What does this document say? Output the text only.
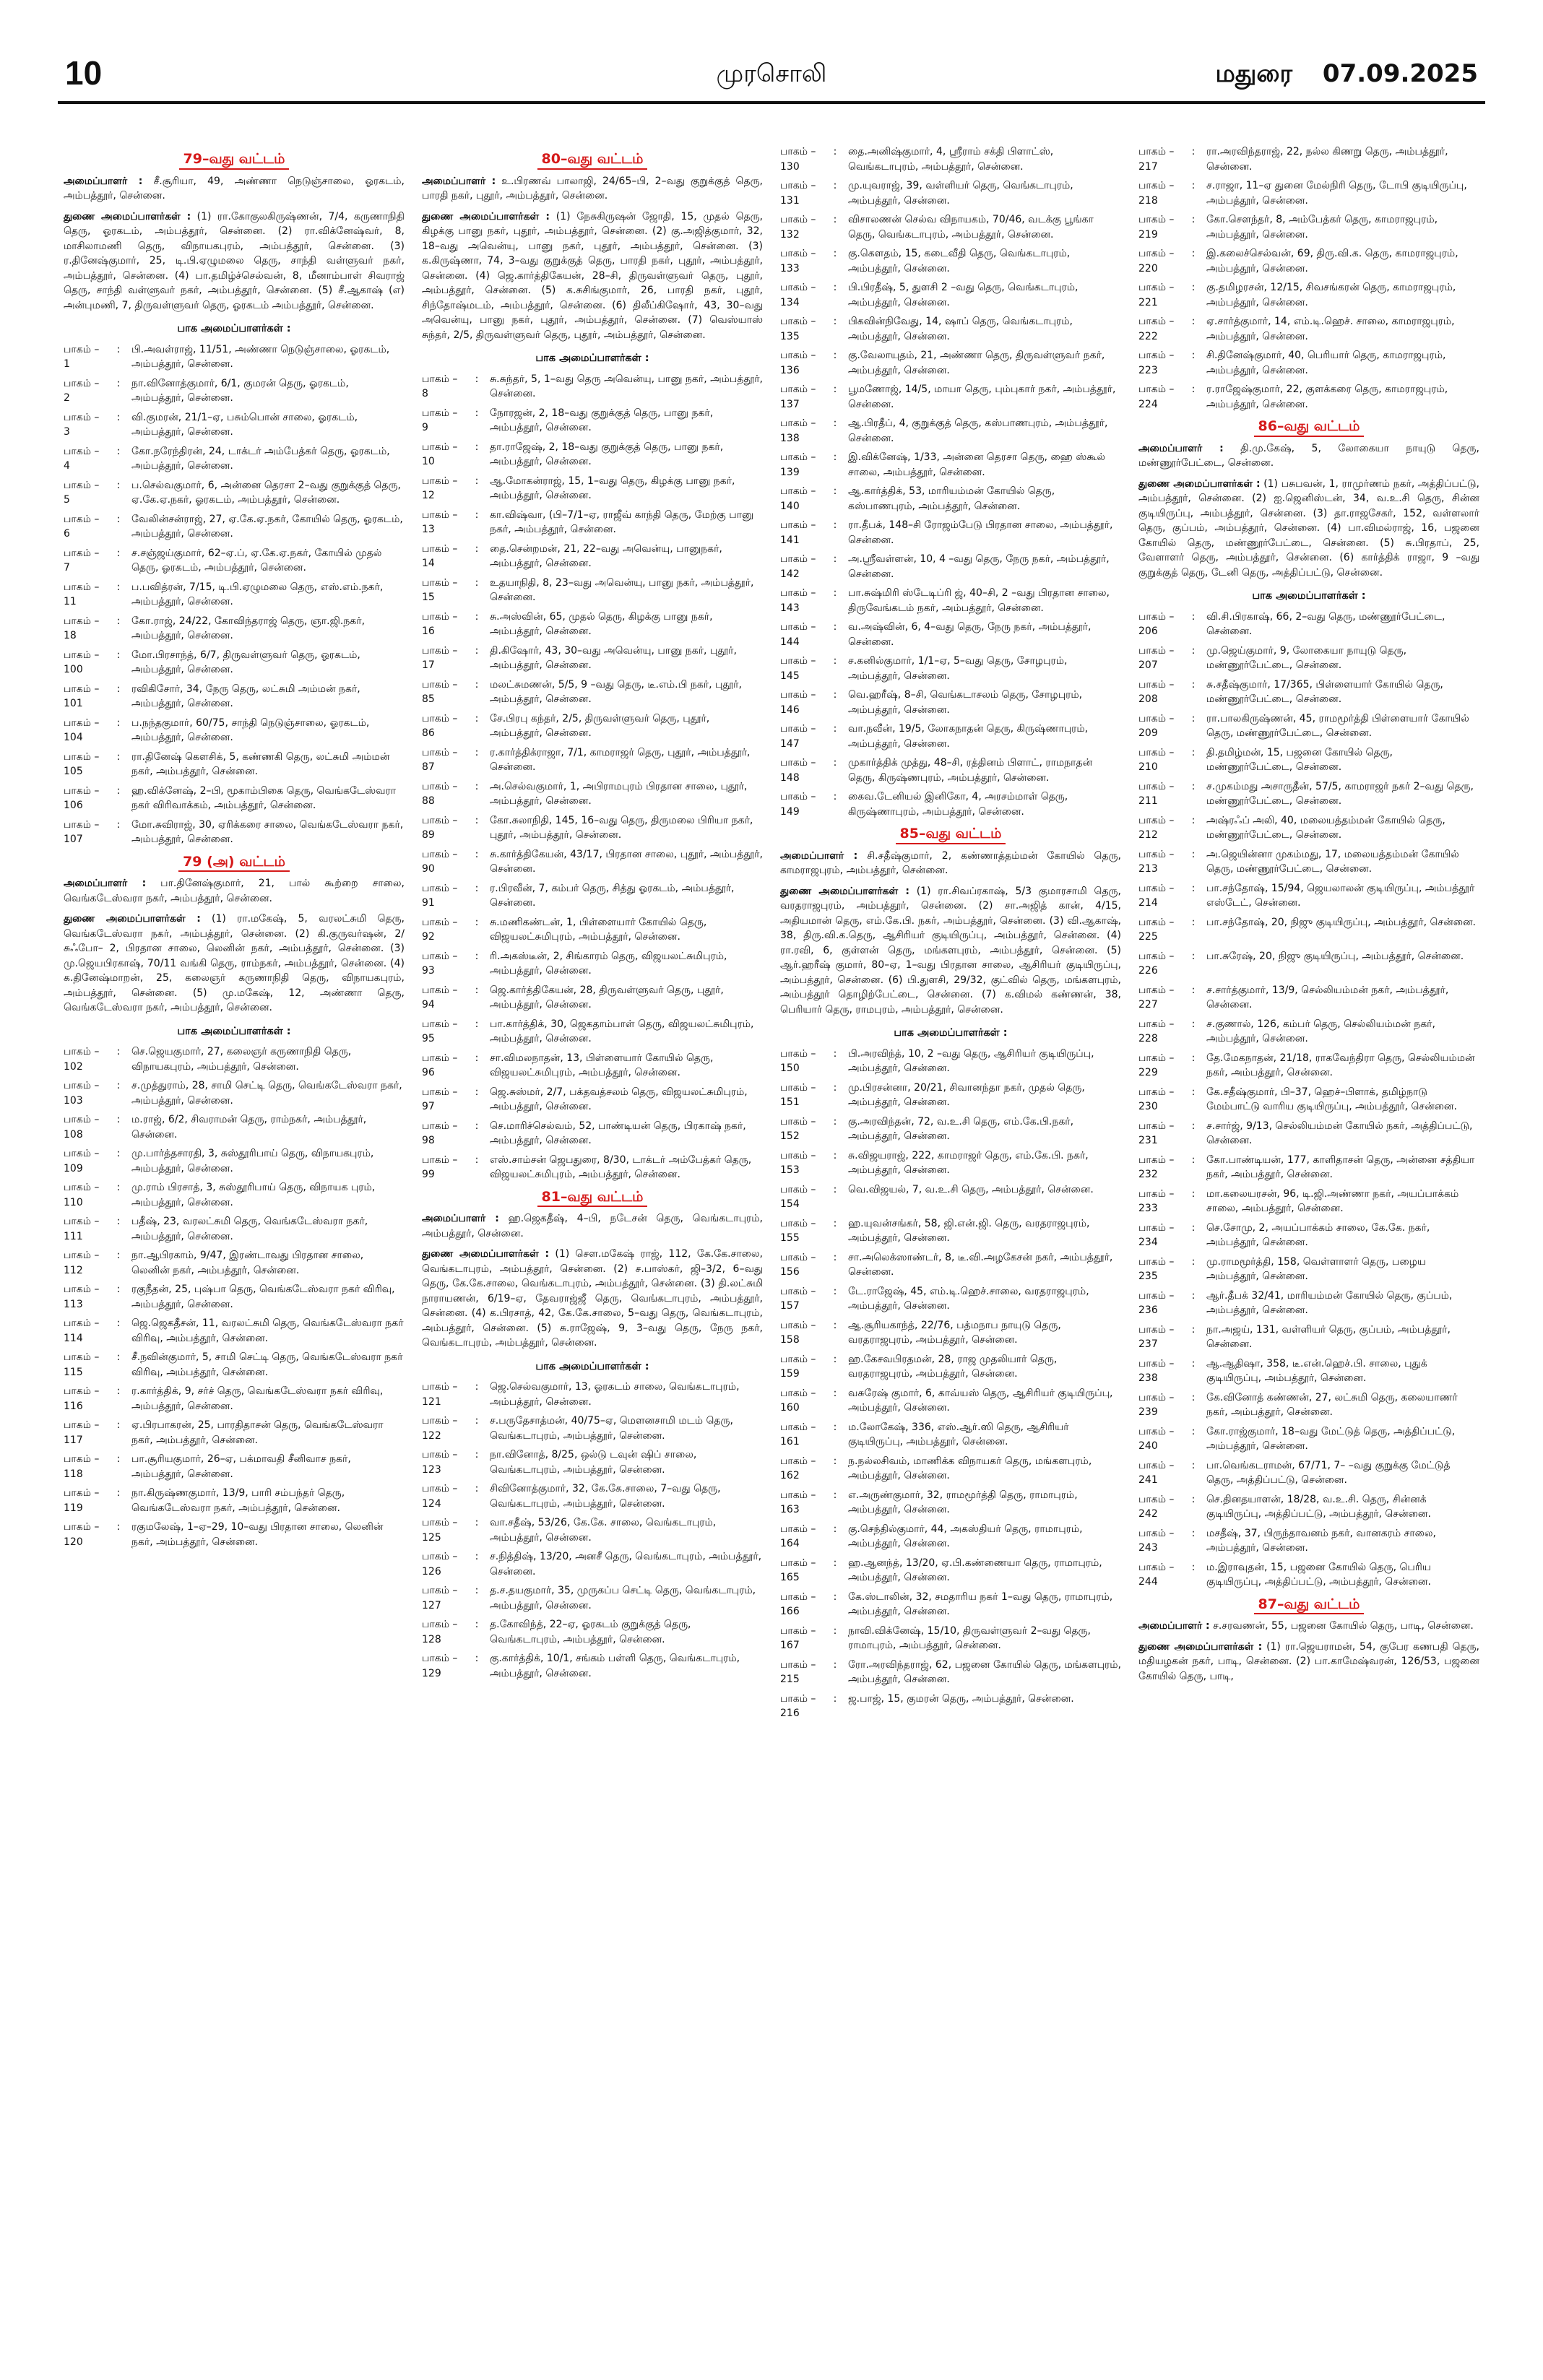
10	முரசொலி	மதுரை 07.09.2025
79–வது வட்டம்
அமைப்பாளர் : சீ.சூரியா, 49, அண்ணா நெடுஞ்சாலை, ஓரகடம், அம்பத்தூர், சென்னை.
துணை அமைப்பாளர்கள் : (1) ரா.கோகுலகிருஷ்ணன், 7/4, கருணாநிதி தெரு, ஓரகடம், அம்பத்தூர், சென்னை. (2) ரா.விக்னேஷ்வர், 8, மாசிலாமணி தெரு, விநாயகபுரம், அம்பத்தூர், சென்னை. (3) ர.தினேஷ்குமார், 25, டி.பி.ஏழுமலை தெரு, சாந்தி வள்ளுவர் நகர், அம்பத்தூர், சென்னை. (4) பா.தமிழ்ச்செல்வன், 8, மீனாம்பாள் சிவராஜ் தெரு, சாந்தி வள்ளுவர் நகர், அம்பத்தூர், சென்னை. (5) சீ.ஆகாஷ் (எ) அன்புமணி, 7, திருவள்ளுவர் தெரு, ஓரகடம் அம்பத்தூர், சென்னை.
பாக அமைப்பாளர்கள் :
பாகம் – 1
:	பி.அவள்ராஜ், 11/51, அண்ணா நெடுஞ்சாலை, ஓரகடம், அம்பத்தூர், சென்னை.
பாகம் – 2
:	நா.வினோத்குமார், 6/1, குமரன் தெரு, ஓரகடம், அம்பத்தூர், சென்னை.
பாகம் – 3
:	வி.குமரன், 21/1–ஏ, பசும்பொன் சாலை, ஓரகடம், அம்பத்தூர், சென்னை.
பாகம் – 4
:	கோ.நரேந்திரன், 24, டாக்டர் அம்பேத்கர் தெரு, ஓரகடம், அம்பத்தூர், சென்னை.
பாகம் – 5
:	ப.செல்வகுமார், 6, அன்னை தெரசா 2–வது குறுக்குத் தெரு, ஏ.கே.ஏ.நகர், ஓரகடம், அம்பத்தூர், சென்னை.
பாகம் – 6
:	வேலின்சன்ராஜ், 27, ஏ.கே.ஏ.நகர், கோயில் தெரு, ஓரகடம், அம்பத்தூர், சென்னை.
பாகம் – 7
:	ச.சஞ்ஜய்குமார், 62–ஏ.ப், ஏ.கே.ஏ.நகர், கோயில் முதல் தெரு, ஓரகடம், அம்பத்தூர், சென்னை.
பாகம் – 11
:	ப.பவித்ரன், 7/15, டி.பி.ஏழுமலை தெரு, எஸ்.எம்.நகர், அம்பத்தூர், சென்னை.
பாகம் – 18
:	கோ.ராஜ், 24/22, கோவிந்தராஜ் தெரு, ஞா.ஜி.நகர், அம்பத்தூர், சென்னை.
பாகம் – 100
:	மோ.பிரசாந்த், 6/7, திருவள்ளுவர் தெரு, ஓரகடம், அம்பத்தூர், சென்னை.
பாகம் – 101
:	ரவிகிசோர், 34, நேரு தெரு, லட்சுமி அம்மன் நகர், அம்பத்தூர், சென்னை.
பாகம் – 104
:	ப.நந்தகுமார், 60/75, சாந்தி நெடுஞ்சாலை, ஓரகடம், அம்பத்தூர், சென்னை.
பாகம் – 105
:	ரா.தினேஷ் கௌசிக், 5, கண்ணகி தெரு, லட்சுமி அம்மன் நகர், அம்பத்தூர், சென்னை.
பாகம் – 106
:	ஹ.விக்னேஷ், 2–பி, மூகாம்பிகை தெரு, வெங்கடேஸ்வரா நகர் விரிவாக்கம், அம்பத்தூர், சென்னை.
பாகம் – 107
:	மோ.சுவிராஜ், 30, ஏரிக்கரை சாலை, வெங்கடேஸ்வரா நகர், அம்பத்தூர், சென்னை.
79 (அ) வட்டம்
அமைப்பாளர் : பா.தினேஷ்குமார், 21, பால் கூற்றை சாலை, வெங்கடேஸ்வரா நகர், அம்பத்தூர், சென்னை.
துணை அமைப்பாளர்கள் : (1) ரா.மகேஷ், 5, வரலட்சுமி தெரு, வெங்கடேஸ்வரா நகர், அம்பத்தூர், சென்னை. (2) கி.குருவர்ஷன், 2/சுஃபோ– 2, பிரதான சாலை, லெனின் நகர், அம்பத்தூர், சென்னை. (3) மு.ஜெயபிரகாஷ், 70/11 வங்கி தெரு, ராம்நகர், அம்பத்தூர், சென்னை. (4) க.தினேஷ்மாறன், 25, கலைஞர் கருணாநிதி தெரு, விநாயகபுரம், அம்பத்தூர், சென்னை. (5) மு.மகேஷ், 12, அண்ணா தெரு, வெங்கடேஸ்வரா நகர், அம்பத்தூர், சென்னை.
பாக அமைப்பாளர்கள் :
பாகம் – 102
:	செ.ஜெயகுமார், 27, கலைஞர் கருணாநிதி தெரு, விநாயகபுரம், அம்பத்தூர், சென்னை.
பாகம் – 103
:	ச.முத்துராம், 28, சாமி செட்டி தெரு, வெங்கடேஸ்வரா நகர், அம்பத்தூர், சென்னை.
பாகம் – 108
:	ம.ராஜ், 6/2, சிவராமன் தெரு, ராம்நகர், அம்பத்தூர், சென்னை.
பாகம் – 109
:	மு.பார்த்தசாரதி, 3, சுஸ்தூரிபாய் தெரு, விநாயகபுரம், அம்பத்தூர், சென்னை.
பாகம் – 110
:	மு.ராம் பிரசாத், 3, சுஸ்தூரிபாய் தெரு, விநாயக புரம், அம்பத்தூர், சென்னை.
பாகம் – 111
:	பதீஷ், 23, வரலட்சுமி தெரு, வெங்கடேஸ்வரா நகர், அம்பத்தூர், சென்னை.
பாகம் – 112
:	நா.ஆபிரகாம், 9/47, இரண்டாவது பிரதான சாலை, லெனின் நகர், அம்பத்தூர், சென்னை.
பாகம் – 113
:	ரகுநீதன், 25, புஷ்பா தெரு, வெங்கடேஸ்வரா நகர் விரிவு, அம்பத்தூர், சென்னை.
பாகம் – 114
:	ஜெ.ஜெகதீசன், 11, வரலட்சுமி தெரு, வெங்கடேஸ்வரா நகர் விரிவு, அம்பத்தூர், சென்னை.
பாகம் – 115
:	சீ.நவின்குமார், 5, சாமி செட்டி தெரு, வெங்கடேஸ்வரா நகர் விரிவு, அம்பத்தூர், சென்னை.
பாகம் – 116
:	ர.கார்த்திக், 9, சர்ச் தெரு, வெங்கடேஸ்வரா நகர் விரிவு, அம்பத்தூர், சென்னை.
பாகம் – 117
:	ஏ.பிரபாகரன், 25, பாரதிதாசன் தெரு, வெங்கடேஸ்வரா நகர், அம்பத்தூர், சென்னை.
பாகம் – 118
:	பா.சூரியகுமார், 26–ஏ, பக்மாவதி சீனிவாச நகர், அம்பத்தூர், சென்னை.
பாகம் – 119
:	நா.கிருஷ்ணகுமார், 13/9, பாரி சம்பந்தர் தெரு, வெங்கடேஸ்வரா நகர், அம்பத்தூர், சென்னை.
பாகம் – 120
:	ரகுமலேஷ், 1–ஏ–29, 10–வது பிரதான சாலை, லெனின் நகர், அம்பத்தூர், சென்னை.
80–வது வட்டம்
அமைப்பாளர் : உ.பிரணவ் பாலாஜி, 24/65–பி, 2–வது குறுக்குத் தெரு, பாரதி நகர், புதூர், அம்பத்தூர், சென்னை.
துணை அமைப்பாளர்கள் : (1) நேசுகிருஷன் ஜோதி, 15, முதல் தெரு, கிழக்கு பானு நகர், புதூர், அம்பத்தூர், சென்னை. (2) கு.அஜித்குமார், 32, 18–வது அவென்யு, பானு நகர், புதூர், அம்பத்தூர், சென்னை. (3) க.கிருஷ்ணா, 74, 3–வது குறுக்குத் தெரு, பாரதி நகர், புதூர், அம்பத்தூர், சென்னை. (4) ஜெ.கார்த்திகேயன், 28–சி, திருவள்ளுவர் தெரு, புதூர், அம்பத்தூர், சென்னை. (5) க.சுசிங்குமார், 26, பாரதி நகர், புதூர், சிந்தோஷ்மடம், அம்பத்தூர், சென்னை. (6) திலீப்கிஷோர், 43, 30–வது அவென்யு, பானு நகர், புதூர், அம்பத்தூர், சென்னை. (7) வெஸ்யாஸ் சுந்தர், 2/5, திருவள்ளுவர் தெரு, புதூர், அம்பத்தூர், சென்னை.
பாக அமைப்பாளர்கள் :
பாகம் – 8
:	சு.சுந்தர், 5, 1–வது தெரு அவென்யு, பானு நகர், அம்பத்தூர், சென்னை.
பாகம் – 9
:	நோரஜன், 2, 18–வது குறுக்குத் தெரு, பானு நகர், அம்பத்தூர், சென்னை.
பாகம் – 10
:	தா.ராஜேஷ், 2, 18–வது குறுக்குத் தெரு, பானு நகர், அம்பத்தூர், சென்னை.
பாகம் – 12
:	ஆ.மோகன்ராஜ், 15, 1–வது தெரு, கிழக்கு பானு நகர், அம்பத்தூர், சென்னை.
பாகம் – 13
:	கா.விஷ்வா, (பி–7/1–ஏ, ராஜீவ் காந்தி தெரு, மேற்கு பானு நகர், அம்பத்தூர், சென்னை.
பாகம் – 14
:	தை.சென்றமன், 21, 22–வது அவென்யு, பானுநகர், அம்பத்தூர், சென்னை.
பாகம் – 15
:	உதயாநிதி, 8, 23–வது அவென்யு, பானு நகர், அம்பத்தூர், சென்னை.
பாகம் – 16
:	சு.அஸ்வின், 65, முதல் தெரு, கிழக்கு பானு நகர், அம்பத்தூர், சென்னை.
பாகம் – 17
:	தி.கிஷோர், 43, 30–வது அவென்யு, பானு நகர், புதூர், அம்பத்தூர், சென்னை.
பாகம் – 85
:	மலட்சுமணன், 5/5, 9 –வது தெரு, டீ.எம்.பி நகர், புதூர், அம்பத்தூர், சென்னை.
பாகம் – 86
:	சே.பிரபு கந்தர், 2/5, திருவள்ளுவர் தெரு, புதூர், அம்பத்தூர், சென்னை.
பாகம் – 87
:	ர.கார்த்திக்ராஜா, 7/1, காமராஜர் தெரு, புதூர், அம்பத்தூர், சென்னை.
பாகம் – 88
:	அ.செல்வகுமார், 1, அபிராமபுரம் பிரதான சாலை, புதூர், அம்பத்தூர், சென்னை.
பாகம் – 89
:	கோ.சுலாநிதி, 145, 16–வது தெரு, திருமலை பிரியா நகர், புதூர், அம்பத்தூர், சென்னை.
பாகம் – 90
:	சு.கார்த்திகேயன், 43/17, பிரதான சாலை, புதூர், அம்பத்தூர், சென்னை.
பாகம் – 91
:	ர.பிரவீன், 7, கம்பர் தெரு, சித்து ஓரகடம், அம்பத்தூர், சென்னை.
பாகம் – 92
:	சு.மணிகண்டன், 1, பிள்ளையார் கோயில் தெரு, விஜயலட்சுமிபுரம், அம்பத்தூர், சென்னை.
பாகம் – 93
:	ரி.அகஸ்டீன், 2, சிங்காரம் தெரு, விஜயலட்சுமிபுரம், அம்பத்தூர், சென்னை.
பாகம் – 94
:	ஜெ.கார்த்திகேயன், 28, திருவள்ளுவர் தெரு, புதூர், அம்பத்தூர், சென்னை.
பாகம் – 95
:	பா.கார்த்திக், 30, ஜெகதாம்பாள் தெரு, விஜயலட்சுமிபுரம், அம்பத்தூர், சென்னை.
பாகம் – 96
:	சா.விமலநாதன், 13, பிள்ளையார் கோயில் தெரு, விஜயலட்சுமிபுரம், அம்பத்தூர், சென்னை.
பாகம் – 97
:	ஜெ.சுஸ்மர், 2/7, பக்தவத்சலம் தெரு, விஜயலட்சுமிபுரம், அம்பத்தூர், சென்னை.
பாகம் – 98
:	செ.மாரிச்செல்வம், 52, பாண்டியன் தெரு, பிரகாஷ் நகர், அம்பத்தூர், சென்னை.
பாகம் – 99
:	எஸ்.சாம்சன் ஜெபதுரை, 8/30, டாக்டர் அம்பேத்கர் தெரு, விஜயலட்சுமிபுரம், அம்பத்தூர், சென்னை.
81–வது வட்டம்
அமைப்பாளர் : ஹ.ஜெகதீஷ், 4–பி, நடேசன் தெரு, வெங்கடாபுரம், அம்பத்தூர், சென்னை.
துணை அமைப்பாளர்கள் : (1) சௌ.மகேஷ் ராஜ், 112, கே.கே.சாலை, வெங்கடாபுரம், அம்பத்தூர், சென்னை. (2) ச.பாஸ்கர், ஜி–3/2, 6–வது தெரு, கே.கே.சாலை, வெங்கடாபுரம், அம்பத்தூர், சென்னை. (3) தி.லட்சுமி நாராயணன், 6/19–ஏ, தேவராஜ்ஜீ தெரு, வெங்கடாபுரம், அம்பத்தூர், சென்னை. (4) க.பிரசாத், 42, கே.கே.சாலை, 5–வது தெரு, வெங்கடாபுரம், அம்பத்தூர், சென்னை. (5) சு.ராஜேஷ், 9, 3–வது தெரு, நேரு நகர், வெங்கடாபுரம், அம்பத்தூர், சென்னை.
பாக அமைப்பாளர்கள் :
பாகம் – 121
:	ஜெ.செல்வகுமார், 13, ஓரகடம் சாலை, வெங்கடாபுரம், அம்பத்தூர், சென்னை.
பாகம் – 122
:	ச.பருதேசாத்மன், 40/75–ஏ, மௌனசாமி மடம் தெரு, வெங்கடாபுரம், அம்பத்தூர், சென்னை.
பாகம் – 123
:	நா.வினோத், 8/25, ஒல்டு டவுன் ஷிப் சாலை, வெங்கடாபுரம், அம்பத்தூர், சென்னை.
பாகம் – 124
:	சிவினோத்குமார், 32, கே.கே.சாலை, 7–வது தெரு, வெங்கடாபுரம், அம்பத்தூர், சென்னை.
பாகம் – 125
:	வா.சதீஷ், 53/26, கே.கே. சாலை, வெங்கடாபுரம், அம்பத்தூர், சென்னை.
பாகம் – 126
:	ச.நித்திஷ், 13/20, அனசீ தெரு, வெங்கடாபுரம், அம்பத்தூர், சென்னை.
பாகம் – 127
:	த.ச.தயகுமார், 35, முருகப்ப செட்டி தெரு, வெங்கடாபுரம், அம்பத்தூர், சென்னை.
பாகம் – 128
:	த.கோவிந்த், 22–ஏ, ஓரகடம் குறுக்குத் தெரு, வெங்கடாபுரம், அம்பத்தூர், சென்னை.
பாகம் – 129
:	கு.கார்த்திக், 10/1, சங்கம் பள்ளி தெரு, வெங்கடாபுரம், அம்பத்தூர், சென்னை.
பாகம் – 130
:	தை.அனிஷ்குமார், 4, ஸ்ரீராம் சக்தி பிளாட்ஸ், வெங்கடாபுரம், அம்பத்தூர், சென்னை.
பாகம் – 131
:	மு.யுவராஜ், 39, வள்ளியர் தெரு, வெங்கடாபுரம், அம்பத்தூர், சென்னை.
பாகம் – 132
:	விசாலணன் செல்வ விநாயகம், 70/46, வடக்கு பூங்கா தெரு, வெங்கடாபுரம், அம்பத்தூர், சென்னை.
பாகம் – 133
:	கு.கௌதம், 15, கடைவீதி தெரு, வெங்கடாபுரம், அம்பத்தூர், சென்னை.
பாகம் – 134
:	பி.பிரதீஷ், 5, துளசி 2 –வது தெரு, வெங்கடாபுரம், அம்பத்தூர், சென்னை.
பாகம் – 135
:	பிகவின்நிவேது, 14, ஷாப் தெரு, வெங்கடாபுரம், அம்பத்தூர், சென்னை.
பாகம் – 136
:	கு.வேலாயுதம், 21, அண்ணா தெரு, திருவள்ளுவர் நகர், அம்பத்தூர், சென்னை.
பாகம் – 137
:	பூமணோஜ், 14/5, மாயா தெரு, பும்புகார் நகர், அம்பத்தூர், சென்னை.
பாகம் – 138
:	ஆ.பிரதீப், 4, குறுக்குத் தெரு, கஸ்பாணபுரம், அம்பத்தூர், சென்னை.
பாகம் – 139
:	இ.விக்னேஷ், 1/33, அன்னை தெரசா தெரு, ஹை ஸ்கூல் சாலை, அம்பத்தூர், சென்னை.
பாகம் – 140
:	ஆ.கார்த்திக், 53, மாரியம்மன் கோயில் தெரு, கஸ்பாணபுரம், அம்பத்தூர், சென்னை.
பாகம் – 141
:	ரா.தீபக், 148–சி ரோஜம்பேடு பிரதான சாலை, அம்பத்தூர், சென்னை.
பாகம் – 142
:	அ.ஸ்ரீவள்ளன், 10, 4 –வது தெரு, நேரு நகர், அம்பத்தூர், சென்னை.
பாகம் – 143
:	பா.சுஷ்மிரி ஸ்டேடிப்ரி ஜ், 40–சி, 2 –வது பிரதான சாலை, திருவேங்கடம் நகர், அம்பத்தூர், சென்னை.
பாகம் – 144
:	வ.அஷ்வின், 6, 4–வது தெரு, நேரு நகர், அம்பத்தூர், சென்னை.
பாகம் – 145
:	ச.கனில்குமார், 1/1–ஏ, 5–வது தெரு, சோழபுரம், அம்பத்தூர், சென்னை.
பாகம் – 146
:	வெ.ஹரீஷ், 8–சி, வெங்கடாசலம் தெரு, சோழபுரம், அம்பத்தூர், சென்னை.
பாகம் – 147
:	வா.நவீன், 19/5, லோகநாதன் தெரு, கிருஷ்ணாபுரம், அம்பத்தூர், சென்னை.
பாகம் – 148
:	முகார்த்திக் முத்து, 48–சி, ரத்தினம் பிளாட், ராமநாதன் தெரு, கிருஷ்ணபுரம், அம்பத்தூர், சென்னை.
பாகம் – 149
:	கைவ.டேனியல் இனிகோ, 4, அரசம்மாள் தெரு, கிருஷ்ணாபுரம், அம்பத்தூர், சென்னை.
85–வது வட்டம்
அமைப்பாளர் : சி.சதீஷ்குமார், 2, கண்ணாத்தம்மன் கோயில் தெரு, காமராஜபுரம், அம்பத்தூர், சென்னை.
துணை அமைப்பாளர்கள் : (1) ரா.சிவப்ரகாஷ், 5/3 குமாரசாமி தெரு, வரதராஜபுரம், அம்பத்தூர், சென்னை. (2) சா.அஜித் கான், 4/15, அதியமான் தெரு, எம்.கே.பி. நகர், அம்பத்தூர், சென்னை. (3) வி.ஆகாஷ், 38, திரு.வி.க.தெரு, ஆசிரியர் குடியிருப்பு, அம்பத்தூர், சென்னை. (4) ரா.ரவி, 6, குள்ளன் தெரு, மங்களபுரம், அம்பத்தூர், சென்னை. (5) ஆர்.ஹரீஷ் குமார், 80–ஏ, 1–வது பிரதான சாலை, ஆசிரியர் குடியிருப்பு, அம்பத்தூர், சென்னை. (6) பி.துளசி, 29/32, குட்வில் தெரு, மங்களபுரம், அம்பத்தூர் தொழிற்பேட்டை, சென்னை. (7) க.விமல் கண்ணன், 38, பெரியார் தெரு, ராமபுரம், அம்பத்தூர், சென்னை.
பாக அமைப்பாளர்கள் :
பாகம் – 150
:	பி.அரவிந்த், 10, 2 –வது தெரு, ஆசிரியர் குடியிருப்பு, அம்பத்தூர், சென்னை.
பாகம் – 151
:	மு.பிரசன்னா, 20/21, சிவானந்தா நகர், முதல் தெரு, அம்பத்தூர், சென்னை.
பாகம் – 152
:	கு.அரவிந்தன், 72, வ.உ.சி தெரு, எம்.கே.பி.நகர், அம்பத்தூர், சென்னை.
பாகம் – 153
:	சு.விஜயராஜ், 222, காமராஜர் தெரு, எம்.கே.பி. நகர், அம்பத்தூர், சென்னை.
பாகம் – 154
:	வெ.விஜயல், 7, வ.உ.சி தெரு, அம்பத்தூர், சென்னை.
பாகம் – 155
:	ஹ.யுவன்சங்கர், 58, ஜி.என்.ஜி. தெரு, வரதராஜபுரம், அம்பத்தூர், சென்னை.
பாகம் – 156
:	சா.அலெக்ஸாண்டர், 8, டீ.வி.அழகேசன் நகர், அம்பத்தூர், சென்னை.
பாகம் – 157
:	டே.ராஜேஷ், 45, எம்.டி.ஹெச்.சாலை, வரதராஜபுரம், அம்பத்தூர், சென்னை.
பாகம் – 158
:	ஆ.சூரியகாந்த், 22/76, பத்மநாப நாயுடு தெரு, வரதராஜபுரம், அம்பத்தூர், சென்னை.
பாகம் – 159
:	ஹ.கேசவபிரதமன், 28, ராஜ முதலியார் தெரு, வரதராஜபுரம், அம்பத்தூர், சென்னை.
பாகம் – 160
:	வசுரேஷ் குமார், 6, காவ்யஸ் தெரு, ஆசிரியர் குடியிருப்பு, அம்பத்தூர், சென்னை.
பாகம் – 161
:	ம.லோகேஷ், 336, எஸ்.ஆர்.ஸி தெரு, ஆசிரியர் குடியிருப்பு, அம்பத்தூர், சென்னை.
பாகம் – 162
:	ந.நல்லசிவம், மாணிக்க விநாயகர் தெரு, மங்களபுரம், அம்பத்தூர், சென்னை.
பாகம் – 163
:	எ.அருண்குமார், 32, ராமமூர்த்தி தெரு, ராமாபுரம், அம்பத்தூர், சென்னை.
பாகம் – 164
:	கு.செந்தில்குமார், 44, அகஸ்தியர் தெரு, ராமாபுரம், அம்பத்தூர், சென்னை.
பாகம் – 165
:	ஹ.ஆனந்த், 13/20, ஏ.பி.கண்ணையா தெரு, ராமாபுரம், அம்பத்தூர், சென்னை.
பாகம் – 166
:	கே.ஸ்டாலின், 32, சமதாரிய நகர் 1–வது தெரு, ராமாபுரம், அம்பத்தூர், சென்னை.
பாகம் – 167
:	நாவி.விக்னேஷ், 15/10, திருவள்ளுவர் 2–வது தெரு, ராமாபுரம், அம்பத்தூர், சென்னை.
பாகம் – 215
:	ரோ.அரவிந்தராஜ், 62, பஜனை கோயில் தெரு, மங்களபுரம், அம்பத்தூர், சென்னை.
பாகம் – 216
:	ஜ.பாஜ், 15, குமரன் தெரு, அம்பத்தூர், சென்னை.
பாகம் – 217
:	ரா.அரவிந்தராஜ், 22, நல்ல கிணறு தெரு, அம்பத்தூர், சென்னை.
பாகம் – 218
:	ச.ராஜா, 11–ஏ துனை மேல்நிரி தெரு, டோபி குடியிருப்பு, அம்பத்தூர், சென்னை.
பாகம் – 219
:	கோ.சௌந்தர், 8, அம்பேத்கர் தெரு, காமராஜபுரம், அம்பத்தூர், சென்னை.
பாகம் – 220
:	இ.கலைச்செல்வன், 69, திரு.வி.க. தெரு, காமராஜபுரம், அம்பத்தூர், சென்னை.
பாகம் – 221
:	கு.தமிழரசன், 12/15, சிவசங்கரன் தெரு, காமராஜபுரம், அம்பத்தூர், சென்னை.
பாகம் – 222
:	ஏ.சார்த்குமார், 14, எம்.டி.ஹெச். சாலை, காமராஜபுரம், அம்பத்தூர், சென்னை.
பாகம் – 223
:	சி.தினேஷ்குமார், 40, பெரியார் தெரு, காமராஜபுரம், அம்பத்தூர், சென்னை.
பாகம் – 224
:	ர.ராஜேஷ்குமார், 22, குளக்கரை தெரு, காமராஜபுரம், அம்பத்தூர், சென்னை.
86–வது வட்டம்
அமைப்பாளர் : தி.மு.கேஷ், 5, லோகையா நாயுடு தெரு, மண்ணூர்பேட்டை, சென்னை.
துணை அமைப்பாளர்கள் : (1) பசுபவன், 1, ராமுர்ணம் நகர், அத்திப்பட்டு, அம்பத்தூர், சென்னை. (2) ஐ.ஜெனிஸ்டன், 34, வ.உ.சி தெரு, சின்ன குடியிருப்பு, அம்பத்தூர், சென்னை. (3) தா.ராஜசேகர், 152, வள்ளலார் தெரு, குப்பம், அம்பத்தூர், சென்னை. (4) பா.விமல்ராஜ், 16, பஜனை கோயில் தெரு, மண்ணூர்பேட்டை, சென்னை. (5) சு.பிரதாப், 25, வேளாளர் தெரு, அம்பத்தூர், சென்னை. (6) கார்த்திக் ராஜா, 9 –வது குறுக்குத் தெரு, டேனி தெரு, அத்திப்பட்டு, சென்னை.
பாக அமைப்பாளர்கள் :
பாகம் – 206
:	வி.சி.பிரகாஷ், 66, 2–வது தெரு, மண்ணூர்பேட்டை, சென்னை.
பாகம் – 207
:	மு.ஜெய்குமார், 9, லோகையா நாயுடு தெரு, மண்ணூர்பேட்டை, சென்னை.
பாகம் – 208
:	சு.சதீஷ்குமார், 17/365, பிள்ளையார் கோயில் தெரு, மண்ணூர்பேட்டை, சென்னை.
பாகம் – 209
:	ரா.பாலகிருஷ்ணன், 45, ராமமூர்த்தி பிள்ளையார் கோயில் தெரு, மண்ணூர்பேட்டை, சென்னை.
பாகம் – 210
:	தி.தமிழ்மன், 15, பஜனை கோயில் தெரு, மண்ணூர்பேட்டை, சென்னை.
பாகம் – 211
:	ச.முகம்மது அசாருதீன், 57/5, காமராஜர் நகர் 2–வது தெரு, மண்ணூர்பேட்டை, சென்னை.
பாகம் – 212
:	அஷ்ரஃப் அலி, 40, மலையத்தம்மன் கோயில் தெரு, மண்ணூர்பேட்டை, சென்னை.
பாகம் – 213
:	அ.ஜெயின்னா முகம்மது, 17, மலையத்தம்மன் கோயில் தெரு, மண்ணூர்பேட்டை, சென்னை.
பாகம் – 214
:	பா.சந்தோஷ், 15/94, ஜெயலாலன் குடியிருப்பு, அம்பத்தூர் எஸ்டேட், சென்னை.
பாகம் – 225
:	பா.சந்தோஷ், 20, நிஜு குடியிருப்பு, அம்பத்தூர், சென்னை.
பாகம் – 226
:	பா.சுரேஷ், 20, நிஜு குடியிருப்பு, அம்பத்தூர், சென்னை.
பாகம் – 227
:	ச.சார்த்குமார், 13/9, செல்லியம்மன் நகர், அம்பத்தூர், சென்னை.
பாகம் – 228
:	ச.குணால், 126, கம்பர் தெரு, செல்லியம்மன் நகர், அம்பத்தூர், சென்னை.
பாகம் – 229
:	தே.மேகநாதன், 21/18, ராகவேந்திரா தெரு, செல்லியம்மன் நகர், அம்பத்தூர், சென்னை.
பாகம் – 230
:	கே.சதீஷ்குமார், பி–37, ஹெச்–பிளாக், தமிழ்நாடு மேம்பாட்டு வாரிய குடியிருப்பு, அம்பத்தூர், சென்னை.
பாகம் – 231
:	ச.சார்ஜ், 9/13, செல்லியம்மன் கோயில் நகர், அத்திப்பட்டு, சென்னை.
பாகம் – 232
:	கோ.பாண்டியன், 177, காளிதாசன் தெரு, அன்னை சத்தியா நகர், அம்பத்தூர், சென்னை.
பாகம் – 233
:	மா.கலையரசன், 96, டி.ஜி.அண்ணா நகர், அயப்பாக்கம் சாலை, அம்பத்தூர், சென்னை.
பாகம் – 234
:	செ.சோமு, 2, அயப்பாக்கம் சாலை, கே.கே. நகர், அம்பத்தூர், சென்னை.
பாகம் – 235
:	மு.ராமமூர்த்தி, 158, வெள்ளாளர் தெரு, பழைய அம்பத்தூர், சென்னை.
பாகம் – 236
:	ஆர்.தீபக் 32/41, மாரியம்மன் கோயில் தெரு, குப்பம், அம்பத்தூர், சென்னை.
பாகம் – 237
:	நா.அஜய், 131, வள்ளியர் தெரு, குப்பம், அம்பத்தூர், சென்னை.
பாகம் – 238
:	ஆ.ஆதிஷா, 358, டீ.என்.ஹெச்.பி. சாலை, புதுக் குடியிருப்பு, அம்பத்தூர், சென்னை.
பாகம் – 239
:	கே.வினோத் கண்ணன், 27, லட்சுமி தெரு, கலையாணர் நகர், அம்பத்தூர், சென்னை.
பாகம் – 240
:	கோ.ராஜ்குமார், 18–வது மேட்டுத் தெரு, அத்திப்பட்டு, அம்பத்தூர், சென்னை.
பாகம் – 241
:	பா.வெங்கடராமன், 67/71, 7– –வது குறுக்கு மேட்டுத் தெரு, அத்திப்பட்டு, சென்னை.
பாகம் – 242
:	செ.தினதயாளன், 18/28, வ.உ.சி. தெரு, சின்னக் குடியிருப்பு, அத்திப்பட்டு, அம்பத்தூர், சென்னை.
பாகம் – 243
:	மசதீஷ், 37, பிருந்தாவனம் நகர், வானகரம் சாலை, அம்பத்தூர், சென்னை.
பாகம் – 244
:	ம.இராவுதன், 15, பஜனை கோயில் தெரு, பெரிய குடியிருப்பு, அத்திப்பட்டு, அம்பத்தூர், சென்னை.
87–வது வட்டம்
அமைப்பாளர் : ச.சரவணன், 55, பஜனை கோயில் தெரு, பாடி, சென்னை.
துணை அமைப்பாளர்கள் : (1) ரா.ஜெயராமன், 54, குபேர கணபதி தெரு, மதியழகன் நகர், பாடி, சென்னை. (2) பா.காமேஷ்வரன், 126/53, பஜனை கோயில் தெரு, பாடி,
